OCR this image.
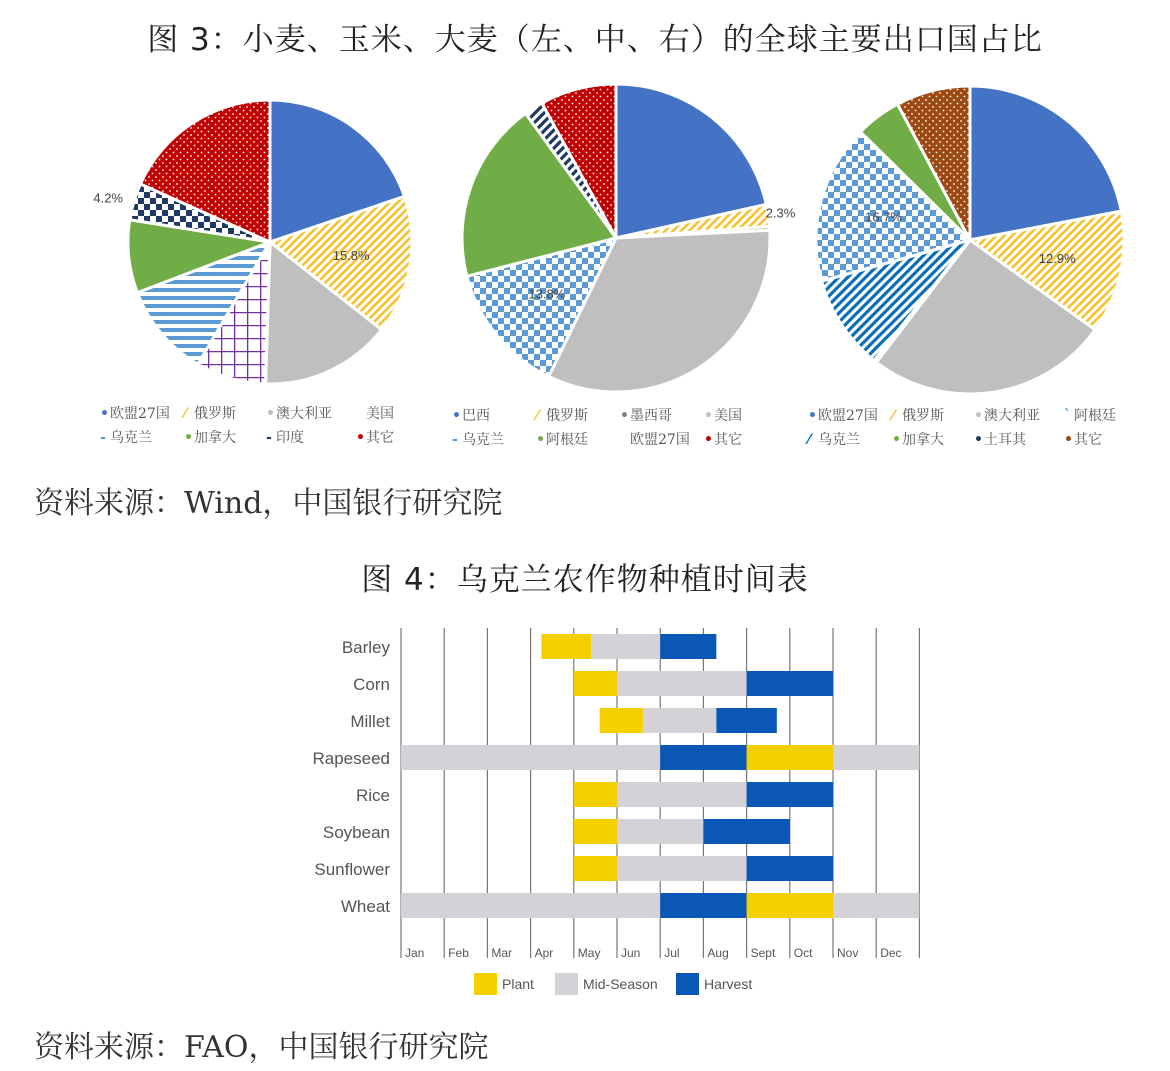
图 3：小麦、玉米、大麦（左、中、右）的全球主要出口国占比
15.8%
4.2%
2.3%
13.8%
12.9%
16.7%
• 欧盟27国 ⁄ 俄罗斯 • 澳大利亚 美国
- 乌克兰 • 加拿大 - 印度	• 其它
• 巴西	⁄ 俄罗斯 • 墨西哥 • 美国
- 乌克兰 • 阿根廷	欧盟27国 • 其它
• 欧盟27国 ⁄ 俄罗斯 • 澳大利亚 ˋ 阿根廷
⁄ 乌克兰 • 加拿大 • 土耳其	• 其它
资料来源：Wind，中国银行研究院
图 4：乌克兰农作物种植时间表
Barley
Corn
Millet
Rapeseed
Rice
Soybean
Sunflower
Wheat
Jan Feb Mar Apr May Jun Jul Aug Sept Oct Nov Dec
Plant	Mid-Season	Harvest
资料来源：FAO，中国银行研究院
